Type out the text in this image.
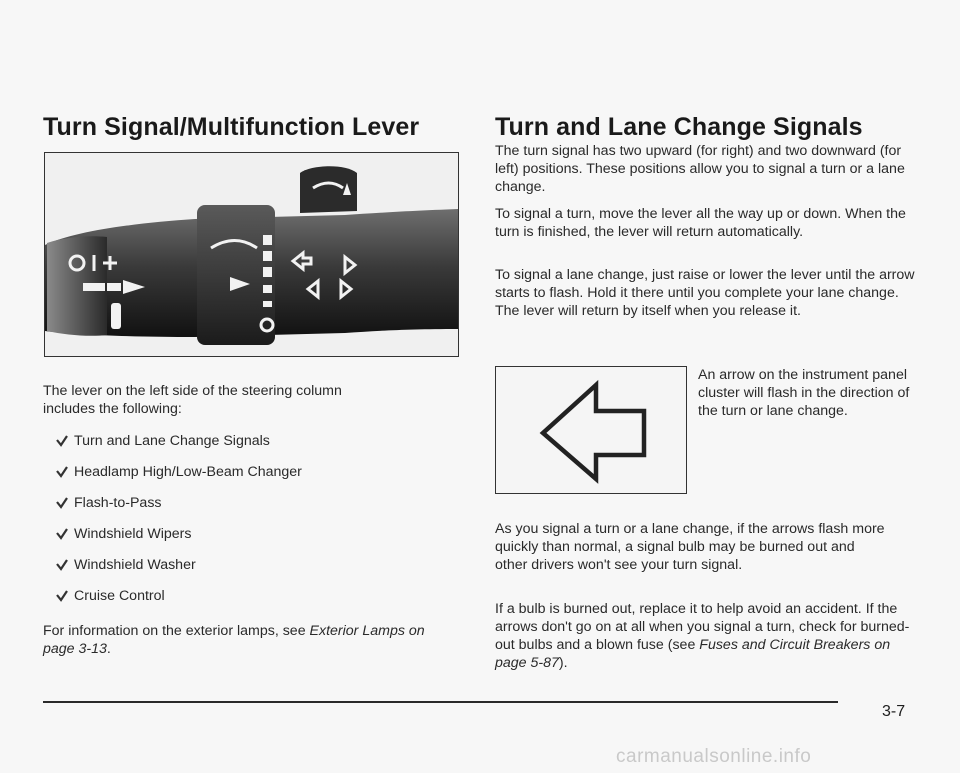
Turn Signal/Multifunction Lever

The lever on the left side of the steering column includes the following:

Turn and Lane Change Signals
Headlamp High/Low-Beam Changer
Flash-to-Pass
Windshield Wipers
Windshield Washer
Cruise Control

For information on the exterior lamps, see Exterior Lamps on page 3-13.

Turn and Lane Change Signals

The turn signal has two upward (for right) and two downward (for left) positions. These positions allow you to signal a turn or a lane change.

To signal a turn, move the lever all the way up or down. When the turn is finished, the lever will return automatically.

To signal a lane change, just raise or lower the lever until the arrow starts to flash. Hold it there until you complete your lane change. The lever will return by itself when you release it.

An arrow on the instrument panel cluster will flash in the direction of the turn or lane change.

As you signal a turn or a lane change, if the arrows flash more quickly than normal, a signal bulb may be burned out and other drivers won't see your turn signal.

If a bulb is burned out, replace it to help avoid an accident. If the arrows don't go on at all when you signal a turn, check for burned-out bulbs and a blown fuse (see Fuses and Circuit Breakers on page 5-87).

3-7
carmanualsonline.info
